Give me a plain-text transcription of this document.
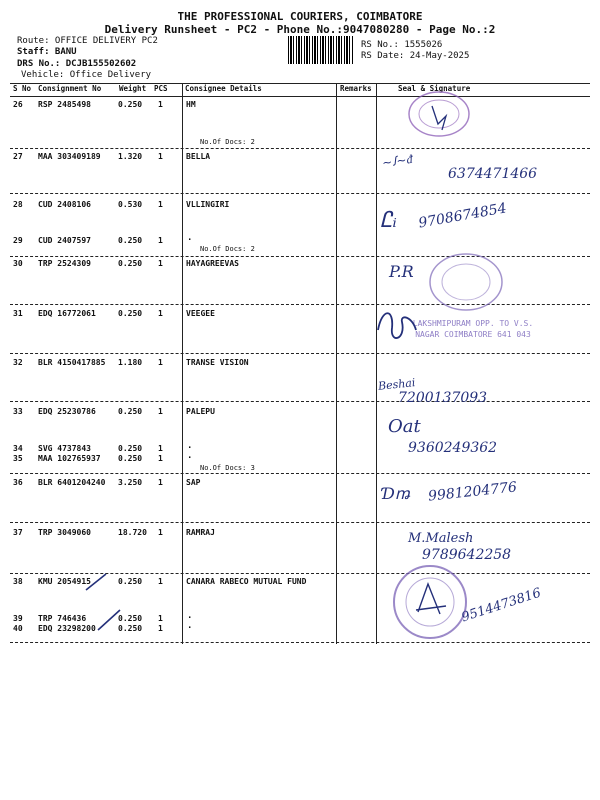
THE PROFESSIONAL COURIERS, COIMBATORE
Delivery Runsheet - PC2 - Phone No.:9047080280 - Page No.:2
Route: OFFICE DELIVERY PC2
Staff: BANU
DRS No.: DCJB155502602
Vehicle: Office Delivery
RS No.: 1555026
RS Date: 24-May-2025
S No Consignment No Weight PCS Consignee Details	Remarks	Seal & Signature
26 RSP 2485498	0.250 1	HM
No.Of Docs: 2
27 MAA 303409189 1.320 1	BELLA
28 CUD 2408106	0.530 1	VLLINGIRI
29 CUD 2407597	0.250 1	.
No.Of Docs: 2
30 TRP 2524309	0.250 1	HAYAGREEVAS
31 EDQ 16772061	0.250 1	VEEGEE
32 BLR 4150417885 1.180 1	TRANSE VISION
33 EDQ 25230786	0.250 1	PALEPU
34 SVG 4737843	0.250 1	.
35 MAA 102765937 0.250 1	.
No.Of Docs: 3
36 BLR 6401204240 3.250 1	SAP
37 TRP 3049060	18.720 1	RAMRAJ
38 KMU 2054915	0.250 1	CANARA RABECO MUTUAL FUND
39 TRP 746436	0.250 1	.
40 EDQ 23298200	0.250 1	.
LAKSHMIPURAM OPP. TO V.S. NAGAR COIMBATORE 641 043
~ꭍ~ᵭ
6374471466
Ꮭᵢ 9708674854
P.R
Beshai
7200137093
Oat
9360249362
Ɗꬺ 9981204776
M.Malesh
9789642258
9514473816
